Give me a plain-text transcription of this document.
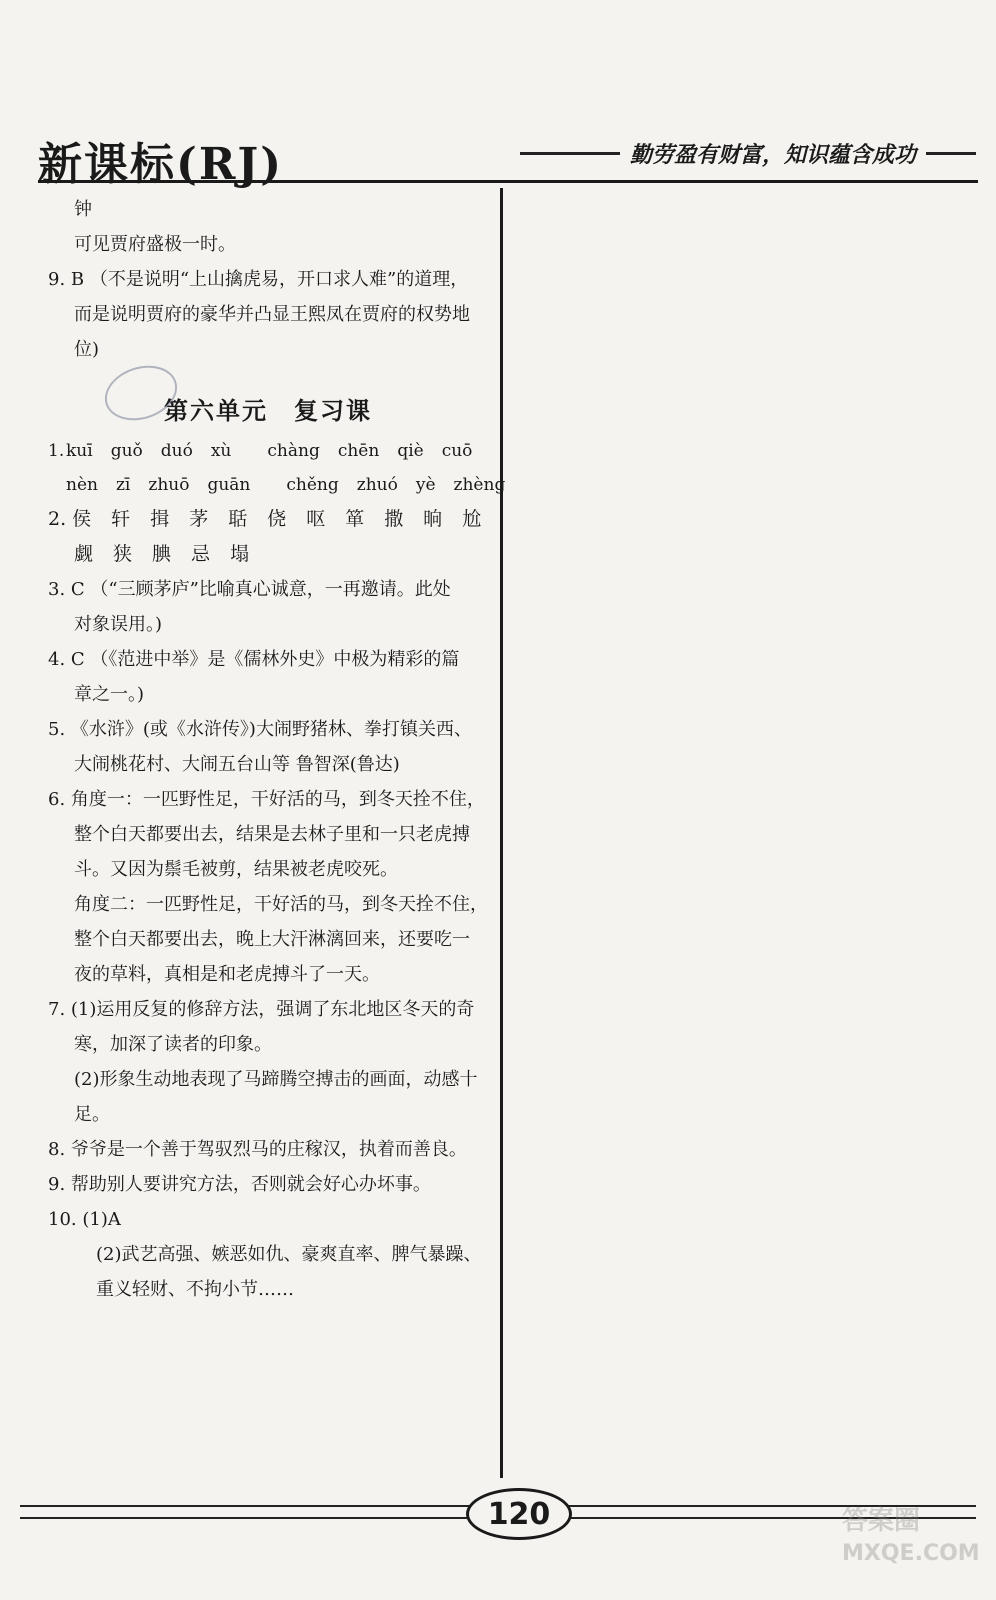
新课标(RJ)	勤劳盈有财富，知识蕴含成功
钟
可见贾府盛极一时。
9. B （不是说明“上山擒虎易，开口求人难”的道理，
而是说明贾府的豪华并凸显王熙凤在贾府的权势地
位)
第六单元 复习课
1. kuī guǒ duó xù chàng chēn qiè cuō
nèn zī zhuō guān chěng zhuó yè zhèng
2. 侯 轩 揖 茅 聒 侥 呕 箪 撒 晌 尬
觑 狭 腆 忌 塌
3. C （“三顾茅庐”比喻真心诚意，一再邀请。此处
对象误用。)
4. C （《范进中举》是《儒林外史》中极为精彩的篇
章之一。)
5. 《水浒》(或《水浒传》)大闹野猪林、拳打镇关西、
大闹桃花村、大闹五台山等 鲁智深(鲁达)
6. 角度一：一匹野性足，干好活的马，到冬天拴不住，
整个白天都要出去，结果是去林子里和一只老虎搏
斗。又因为鬃毛被剪，结果被老虎咬死。
角度二：一匹野性足，干好活的马，到冬天拴不住，
整个白天都要出去，晚上大汗淋漓回来，还要吃一
夜的草料，真相是和老虎搏斗了一天。
7. (1)运用反复的修辞方法，强调了东北地区冬天的奇
寒，加深了读者的印象。
(2)形象生动地表现了马蹄腾空搏击的画面，动感十
足。
8. 爷爷是一个善于驾驭烈马的庄稼汉，执着而善良。
9. 帮助别人要讲究方法，否则就会好心办坏事。
10. (1)A
(2)武艺高强、嫉恶如仇、豪爽直率、脾气暴躁、
重义轻财、不拘小节……
120	答案圈
MXQE.COM
